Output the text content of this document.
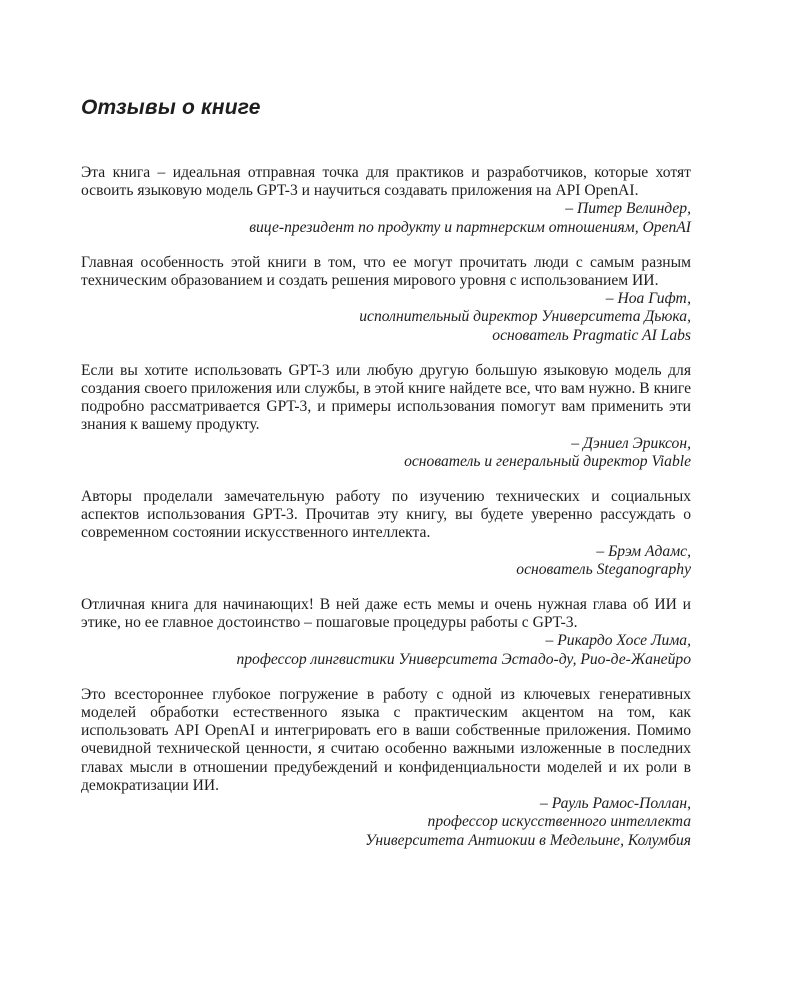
Отзывы о книге

Эта книга – идеальная отправная точка для практиков и разработчиков, которые хотят освоить языковую модель GPT-3 и научиться создавать приложения на API OpenAI.

– Питер Велиндер,
вице-президент по продукту и партнерским отношениям, OpenAI

Главная особенность этой книги в том, что ее могут прочитать люди с самым разным техническим образованием и создать решения мирового уровня с использованием ИИ.

– Ноа Гифт,
исполнительный директор Университета Дьюка,
основатель Pragmatic AI Labs

Если вы хотите использовать GPT-3 или любую другую большую языковую модель для создания своего приложения или службы, в этой книге найдете все, что вам нужно. В книге подробно рассматривается GPT-3, и примеры использования помогут вам применить эти знания к вашему продукту.

– Дэниел Эриксон,
основатель и генеральный директор Viable

Авторы проделали замечательную работу по изучению технических и социальных аспектов использования GPT-3. Прочитав эту книгу, вы будете уверенно рассуждать о современном состоянии искусственного интеллекта.

– Брэм Адамс,
основатель Steganography

Отличная книга для начинающих! В ней даже есть мемы и очень нужная глава об ИИ и этике, но ее главное достоинство – пошаговые процедуры работы с GPT-3.

– Рикардо Хосе Лима,
профессор лингвистики Университета Эстадо-ду, Рио-де-Жанейро

Это всестороннее глубокое погружение в работу с одной из ключевых генеративных моделей обработки естественного языка с практическим акцентом на том, как использовать API OpenAI и интегрировать его в ваши собственные приложения. Помимо очевидной технической ценности, я считаю особенно важными изложенные в последних главах мысли в отношении предубеждений и конфиденциальности моделей и их роли в демократизации ИИ.

– Рауль Рамос-Поллан,
профессор искусственного интеллекта
Университета Антиокии в Медельине, Колумбия
